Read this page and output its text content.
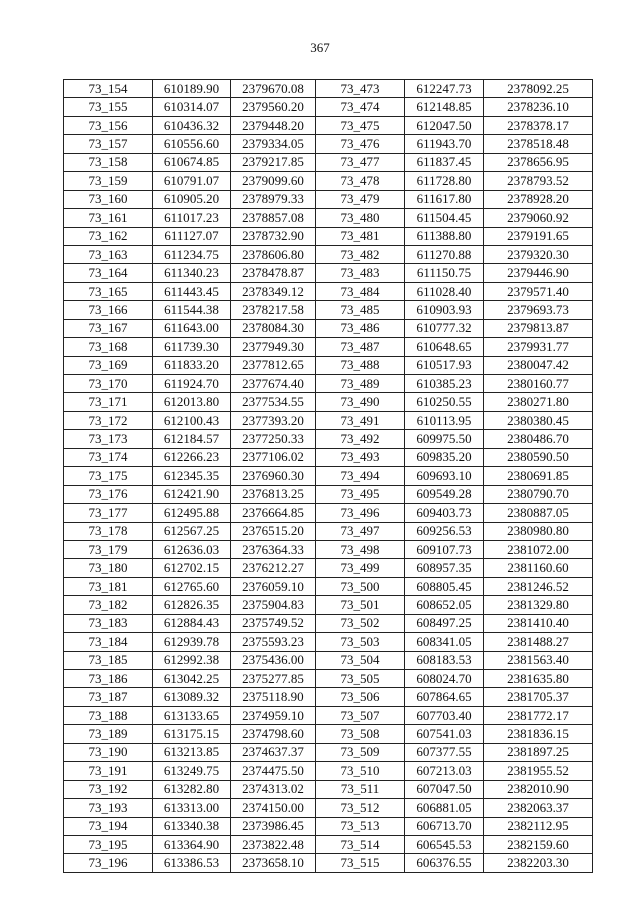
367
73_154	610189.90	2379670.08	73_473	612247.73	2378092.25
73_155	610314.07	2379560.20	73_474	612148.85	2378236.10
73_156	610436.32	2379448.20	73_475	612047.50	2378378.17
73_157	610556.60	2379334.05	73_476	611943.70	2378518.48
73_158	610674.85	2379217.85	73_477	611837.45	2378656.95
73_159	610791.07	2379099.60	73_478	611728.80	2378793.52
73_160	610905.20	2378979.33	73_479	611617.80	2378928.20
73_161	611017.23	2378857.08	73_480	611504.45	2379060.92
73_162	611127.07	2378732.90	73_481	611388.80	2379191.65
73_163	611234.75	2378606.80	73_482	611270.88	2379320.30
73_164	611340.23	2378478.87	73_483	611150.75	2379446.90
73_165	611443.45	2378349.12	73_484	611028.40	2379571.40
73_166	611544.38	2378217.58	73_485	610903.93	2379693.73
73_167	611643.00	2378084.30	73_486	610777.32	2379813.87
73_168	611739.30	2377949.30	73_487	610648.65	2379931.77
73_169	611833.20	2377812.65	73_488	610517.93	2380047.42
73_170	611924.70	2377674.40	73_489	610385.23	2380160.77
73_171	612013.80	2377534.55	73_490	610250.55	2380271.80
73_172	612100.43	2377393.20	73_491	610113.95	2380380.45
73_173	612184.57	2377250.33	73_492	609975.50	2380486.70
73_174	612266.23	2377106.02	73_493	609835.20	2380590.50
73_175	612345.35	2376960.30	73_494	609693.10	2380691.85
73_176	612421.90	2376813.25	73_495	609549.28	2380790.70
73_177	612495.88	2376664.85	73_496	609403.73	2380887.05
73_178	612567.25	2376515.20	73_497	609256.53	2380980.80
73_179	612636.03	2376364.33	73_498	609107.73	2381072.00
73_180	612702.15	2376212.27	73_499	608957.35	2381160.60
73_181	612765.60	2376059.10	73_500	608805.45	2381246.52
73_182	612826.35	2375904.83	73_501	608652.05	2381329.80
73_183	612884.43	2375749.52	73_502	608497.25	2381410.40
73_184	612939.78	2375593.23	73_503	608341.05	2381488.27
73_185	612992.38	2375436.00	73_504	608183.53	2381563.40
73_186	613042.25	2375277.85	73_505	608024.70	2381635.80
73_187	613089.32	2375118.90	73_506	607864.65	2381705.37
73_188	613133.65	2374959.10	73_507	607703.40	2381772.17
73_189	613175.15	2374798.60	73_508	607541.03	2381836.15
73_190	613213.85	2374637.37	73_509	607377.55	2381897.25
73_191	613249.75	2374475.50	73_510	607213.03	2381955.52
73_192	613282.80	2374313.02	73_511	607047.50	2382010.90
73_193	613313.00	2374150.00	73_512	606881.05	2382063.37
73_194	613340.38	2373986.45	73_513	606713.70	2382112.95
73_195	613364.90	2373822.48	73_514	606545.53	2382159.60
73_196	613386.53	2373658.10	73_515	606376.55	2382203.30
